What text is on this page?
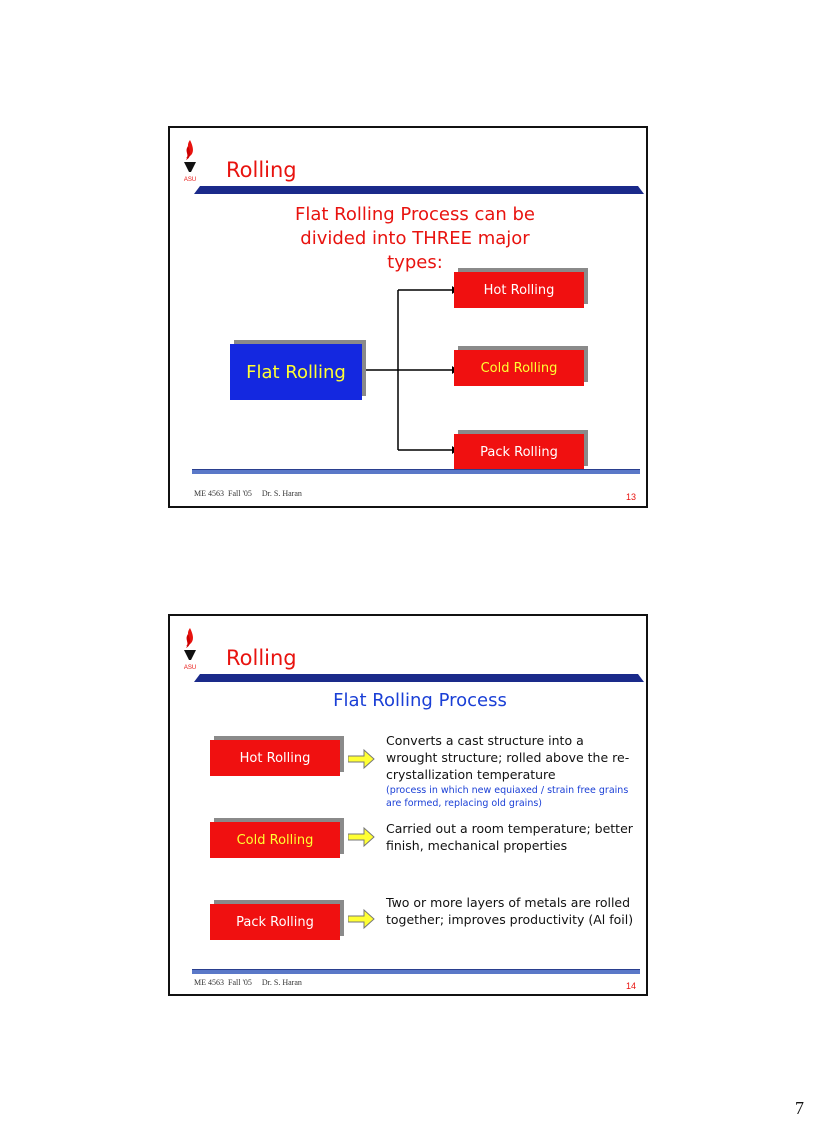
ASU Rolling
Flat Rolling Process can be divided into THREE major types:
Flat Rolling
Hot Rolling
Cold Rolling
Pack Rolling
ME 4563  Fall '05     Dr. S. Haran	13
ASU Rolling
Flat Rolling Process
Hot Rolling
Converts a cast structure into a wrought structure; rolled above the re-crystallization temperature
(process in which new equiaxed / strain free grains are formed, replacing old grains)
Cold Rolling
Carried out a room temperature; better finish, mechanical properties
Pack Rolling
Two or more layers of metals are rolled together; improves productivity (Al foil)
ME 4563  Fall '05     Dr. S. Haran	14
7
